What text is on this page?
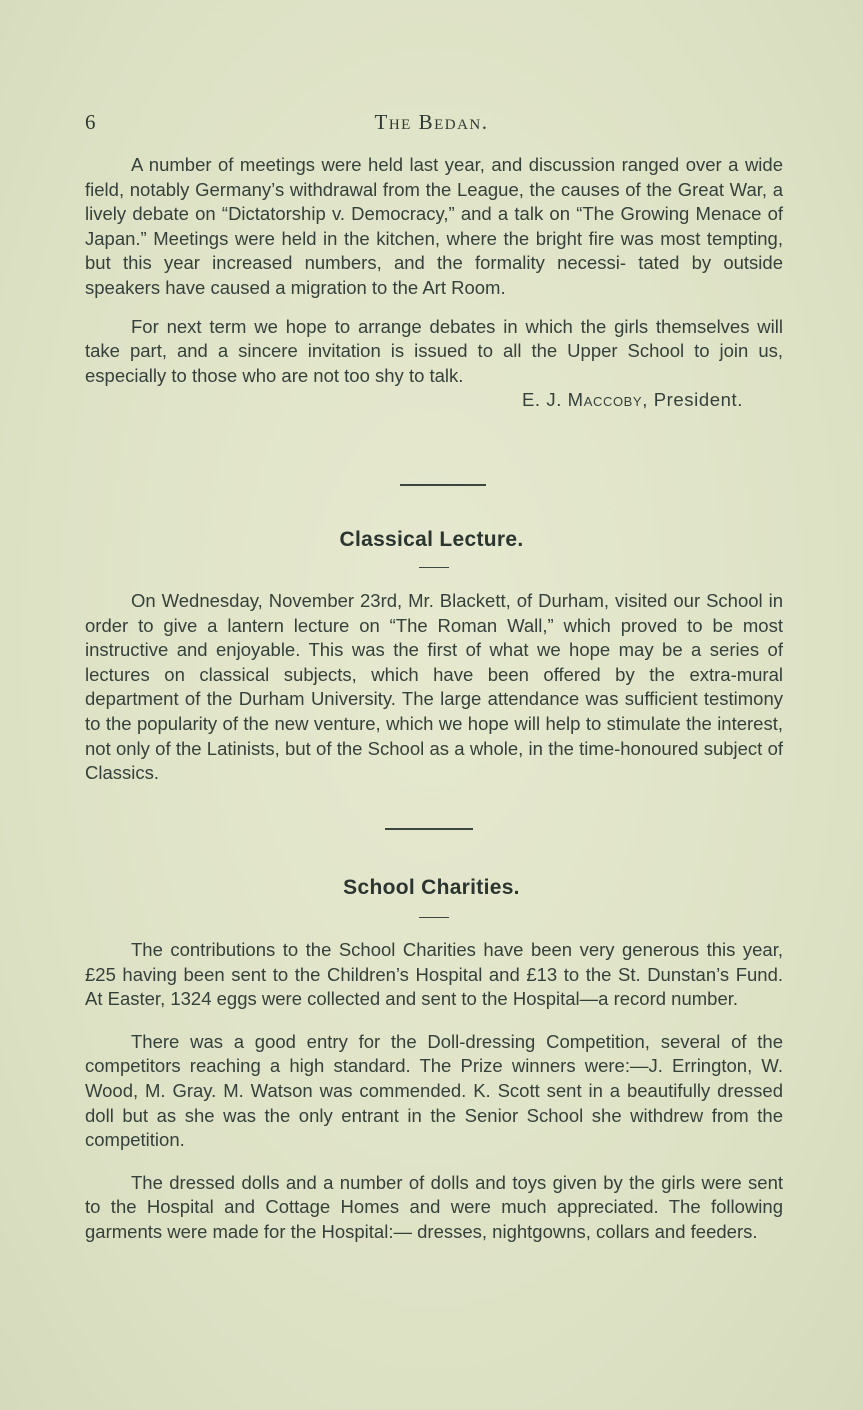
6	The Bedan.

A number of meetings were held last year, and discussion ranged over a wide field, notably Germany’s withdrawal from the League, the causes of the Great War, a lively debate on “Dictatorship v. Democracy,” and a talk on “The Growing Menace of Japan.” Meetings were held in the kitchen, where the bright fire was most tempting, but this year increased numbers, and the formality necessi- tated by outside speakers have caused a migration to the Art Room.

For next term we hope to arrange debates in which the girls themselves will take part, and a sincere invitation is issued to all the Upper School to join us, especially to those who are not too shy to talk.

E. J. Maccoby, President.
Classical Lecture.

On Wednesday, November 23rd, Mr. Blackett, of Durham, visited our School in order to give a lantern lecture on “The Roman Wall,” which proved to be most instructive and enjoyable. This was the first of what we hope may be a series of lectures on classical subjects, which have been offered by the extra-mural department of the Durham University. The large attendance was sufficient testimony to the popularity of the new venture, which we hope will help to stimulate the interest, not only of the Latinists, but of the School as a whole, in the time-honoured subject of Classics.

School Charities.

The contributions to the School Charities have been very generous this year, £25 having been sent to the Children’s Hospital and £13 to the St. Dunstan’s Fund. At Easter, 1324 eggs were collected and sent to the Hospital—a record number.

There was a good entry for the Doll-dressing Competition, several of the competitors reaching a high standard. The Prize winners were:—J. Errington, W. Wood, M. Gray. M. Watson was commended. K. Scott sent in a beautifully dressed doll but as she was the only entrant in the Senior School she withdrew from the competition.

The dressed dolls and a number of dolls and toys given by the girls were sent to the Hospital and Cottage Homes and were much appreciated. The following garments were made for the Hospital:— dresses, nightgowns, collars and feeders.
